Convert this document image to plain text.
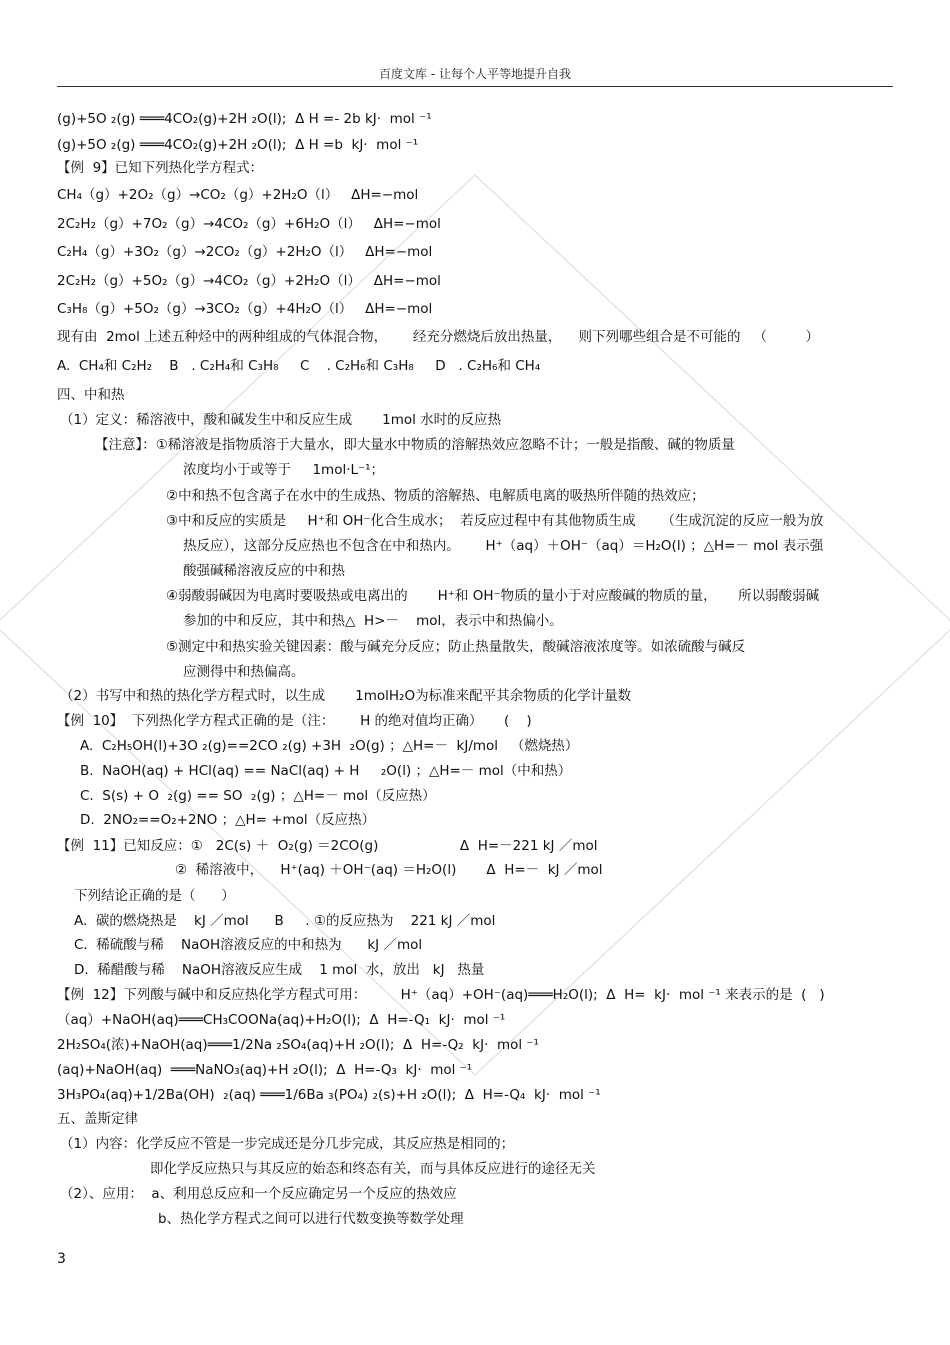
百度文库 - 让每个人平等地提升自我
(g)+5O ₂(g) ═══4CO₂(g)+2H ₂O(l);  Δ H =- 2b kJ·  mol ⁻¹
(g)+5O ₂(g) ═══4CO₂(g)+2H ₂O(l);  Δ H =b  kJ·  mol ⁻¹
【例  9】已知下列热化学方程式：
CH₄（g）+2O₂（g）→CO₂（g）+2H₂O（l）   ΔH=−mol
2C₂H₂（g）+7O₂（g）→4CO₂（g）+6H₂O（l）   ΔH=−mol
C₂H₄（g）+3O₂（g）→2CO₂（g）+2H₂O（l）   ΔH=−mol
2C₂H₂（g）+5O₂（g）→4CO₂（g）+2H₂O（l）   ΔH=−mol
C₃H₈（g）+5O₂（g）→3CO₂（g）+4H₂O（l）   ΔH=−mol
现有由  2mol 上述五种烃中的两种组成的气体混合物，      经充分燃烧后放出热量，    则下列哪些组合是不可能的   （         ）
A.  CH₄和 C₂H₂    B   . C₂H₄和 C₃H₈     C    . C₂H₆和 C₃H₈     D   . C₂H₆和 CH₄
四、中和热
（1）定义：稀溶液中，酸和碱发生中和反应生成       1mol 水时的反应热
【注意】：①稀溶液是指物质溶于大量水，即大量水中物质的溶解热效应忽略不计；一般是指酸、碱的物质量
浓度均小于或等于     1mol·L⁻¹；
②中和热不包含离子在水中的生成热、物质的溶解热、电解质电离的吸热所伴随的热效应；
③中和反应的实质是     H⁺和 OH⁻化合生成水；  若反应过程中有其他物质生成      （生成沉淀的反应一般为放
热反应），这部分反应热也不包含在中和热内。      H⁺（aq）＋OH⁻（aq）＝H₂O(l) ；△H=－ mol 表示强
酸强碱稀溶液反应的中和热
④弱酸弱碱因为电离时要吸热或电离出的       H⁺和 OH⁻物质的量小于对应酸碱的物质的量，     所以弱酸弱碱
参加的中和反应，其中和热△  H>－    mol，表示中和热偏小。
⑤测定中和热实验关键因素：酸与碱充分反应；防止热量散失，酸碱溶液浓度等。如浓硫酸与碱反
应测得中和热偏高。
（2）书写中和热的热化学方程式时，以生成       1molH₂O为标准来配平其余物质的化学计量数
【例  10】  下列热化学方程式正确的是（注：      H 的绝对值均正确）     (    )
A.  C₂H₅OH(l)+3O ₂(g)==2CO ₂(g) +3H  ₂O(g) ；△H=－  kJ/mol   （燃烧热）
B.  NaOH(aq) + HCl(aq) == NaCl(aq) + H     ₂O(l) ；△H=－ mol（中和热）
C.  S(s) + O  ₂(g) == SO  ₂(g) ；△H=－ mol（反应热）
D.  2NO₂==O₂+2NO ；△H= +mol（反应热）
【例  11】已知反应：①   2C(s) ＋  O₂(g) ＝2CO(g)                   Δ  H=－221 kJ ／mol
②  稀溶液中，    H⁺(aq) ＋OH⁻(aq) ＝H₂O(l)       Δ  H=－  kJ ／mol
下列结论正确的是（      ）
A.  碳的燃烧热是    kJ ／mol      B     . ①的反应热为    221 kJ ／mol
C.  稀硫酸与稀    NaOH溶液反应的中和热为      kJ ／mol
D.  稀醋酸与稀    NaOH溶液反应生成    1 mol  水，放出   kJ   热量
【例  12】下列酸与碱中和反应热化学方程式可用：        H⁺（aq）+OH⁻(aq)═══H₂O(l);  Δ  H=  kJ·  mol ⁻¹ 来表示的是  (   )
（aq）+NaOH(aq)═══CH₃COONa(aq)+H₂O(l);  Δ  H=-Q₁  kJ·  mol ⁻¹
2H₂SO₄(浓)+NaOH(aq)═══1/2Na ₂SO₄(aq)+H ₂O(l);  Δ  H=-Q₂  kJ·  mol ⁻¹
(aq)+NaOH(aq)  ═══NaNO₃(aq)+H ₂O(l);  Δ  H=-Q₃  kJ·  mol ⁻¹
3H₃PO₄(aq)+1/2Ba(OH)  ₂(aq) ═══1/6Ba ₃(PO₄) ₂(s)+H ₂O(l);  Δ  H=-Q₄  kJ·  mol ⁻¹
五、盖斯定律
（1）内容：化学反应不管是一步完成还是分几步完成，其反应热是相同的；
即化学反应热只与其反应的始态和终态有关，而与具体反应进行的途径无关
（2）、应用：  a、利用总反应和一个反应确定另一个反应的热效应
b、热化学方程式之间可以进行代数变换等数学处理
3
